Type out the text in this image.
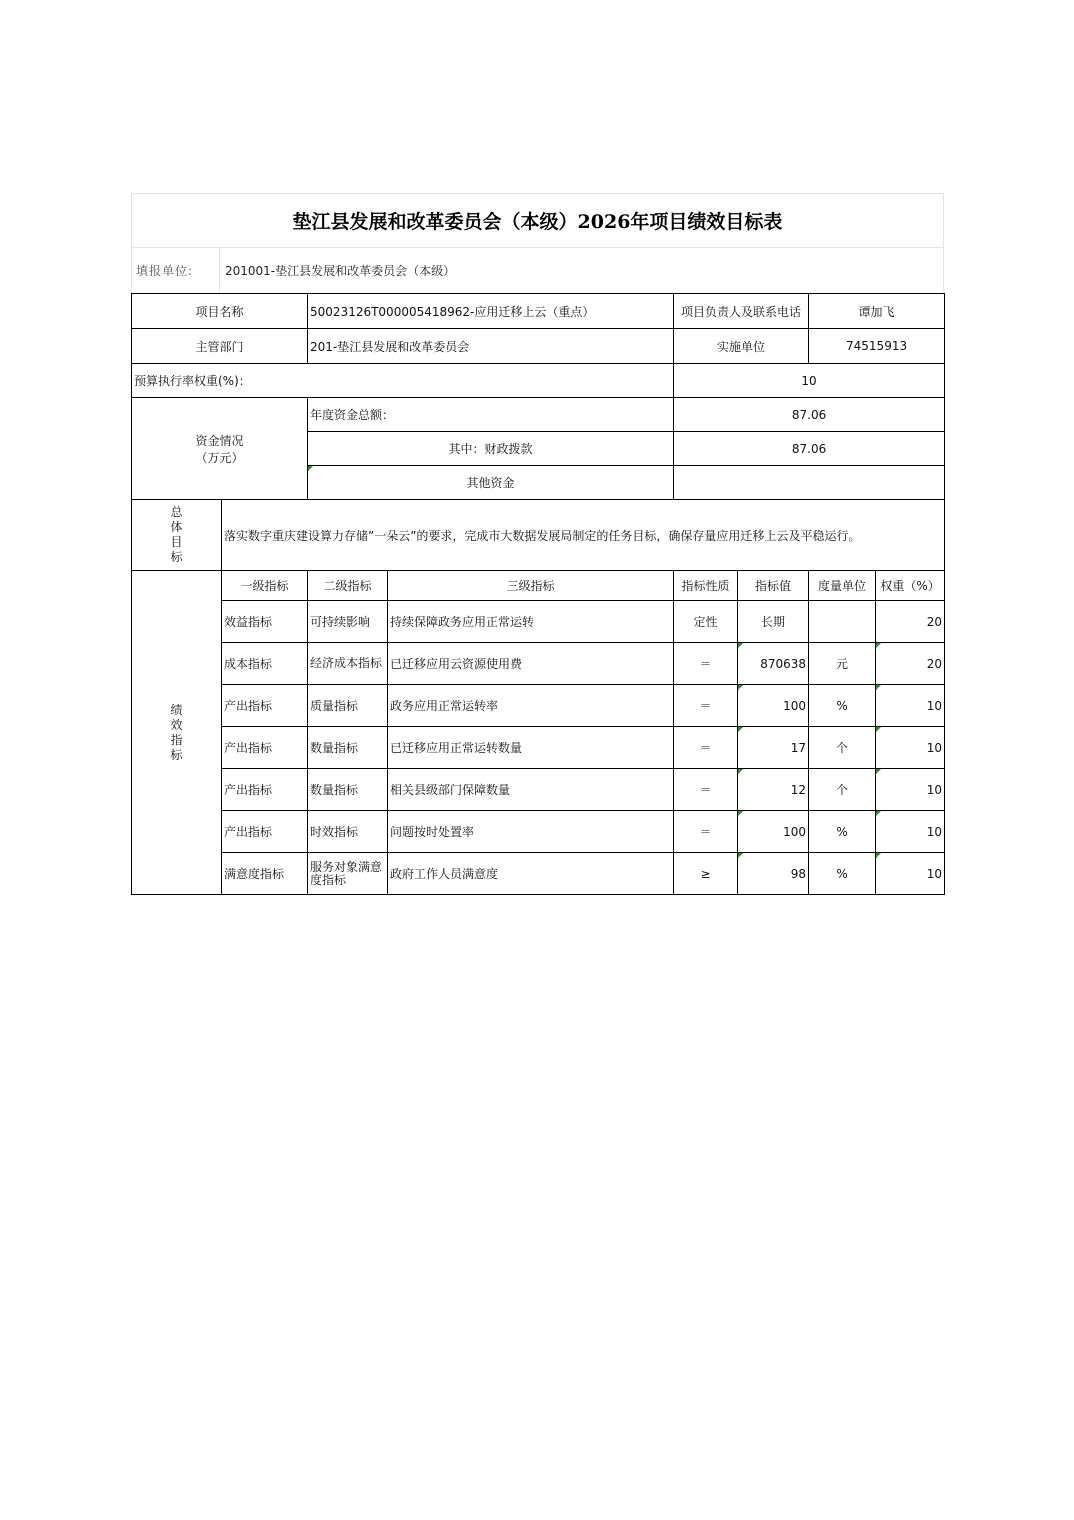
垫江县发展和改革委员会（本级）2026年项目绩效目标表
填报单位:	201001-垫江县发展和改革委员会（本级）
项目名称		50023126T000005418962-应用迁移上云（重点）		项目负责人及联系电话		谭加飞	
主管部门		201-垫江县发展和改革委员会		实施单位		74515913	
预算执行率权重(%)：				10			
资金情况
（万元）		年度资金总额：		87.06			
		其中：财政拨款		87.06			
		其他资金					

总
体
目
标	落实数字重庆建设算力存储”一朵云”的要求，完成市大数据发展局制定的任务目标，确保存量应用迁移上云及平稳运行。						

绩
效
指
标	一级指标	二级指标	三级指标	指标性质	指标值	度量单位	权重（%）
	效益指标	可持续影响	持续保障政务应用正常运转	定性	长期		20
	成本指标	经济成本指标	已迁移应用云资源使用费	＝	870638	元	20
	产出指标	质量指标	政务应用正常运转率	＝	100	%	10
	产出指标	数量指标	已迁移应用正常运转数量	＝	17	个	10
	产出指标	数量指标	相关县级部门保障数量	＝	12	个	10
	产出指标	时效指标	问题按时处置率	＝	100	%	10
	满意度指标	服务对象满意度指标	政府工作人员满意度	≥	98	%	10
